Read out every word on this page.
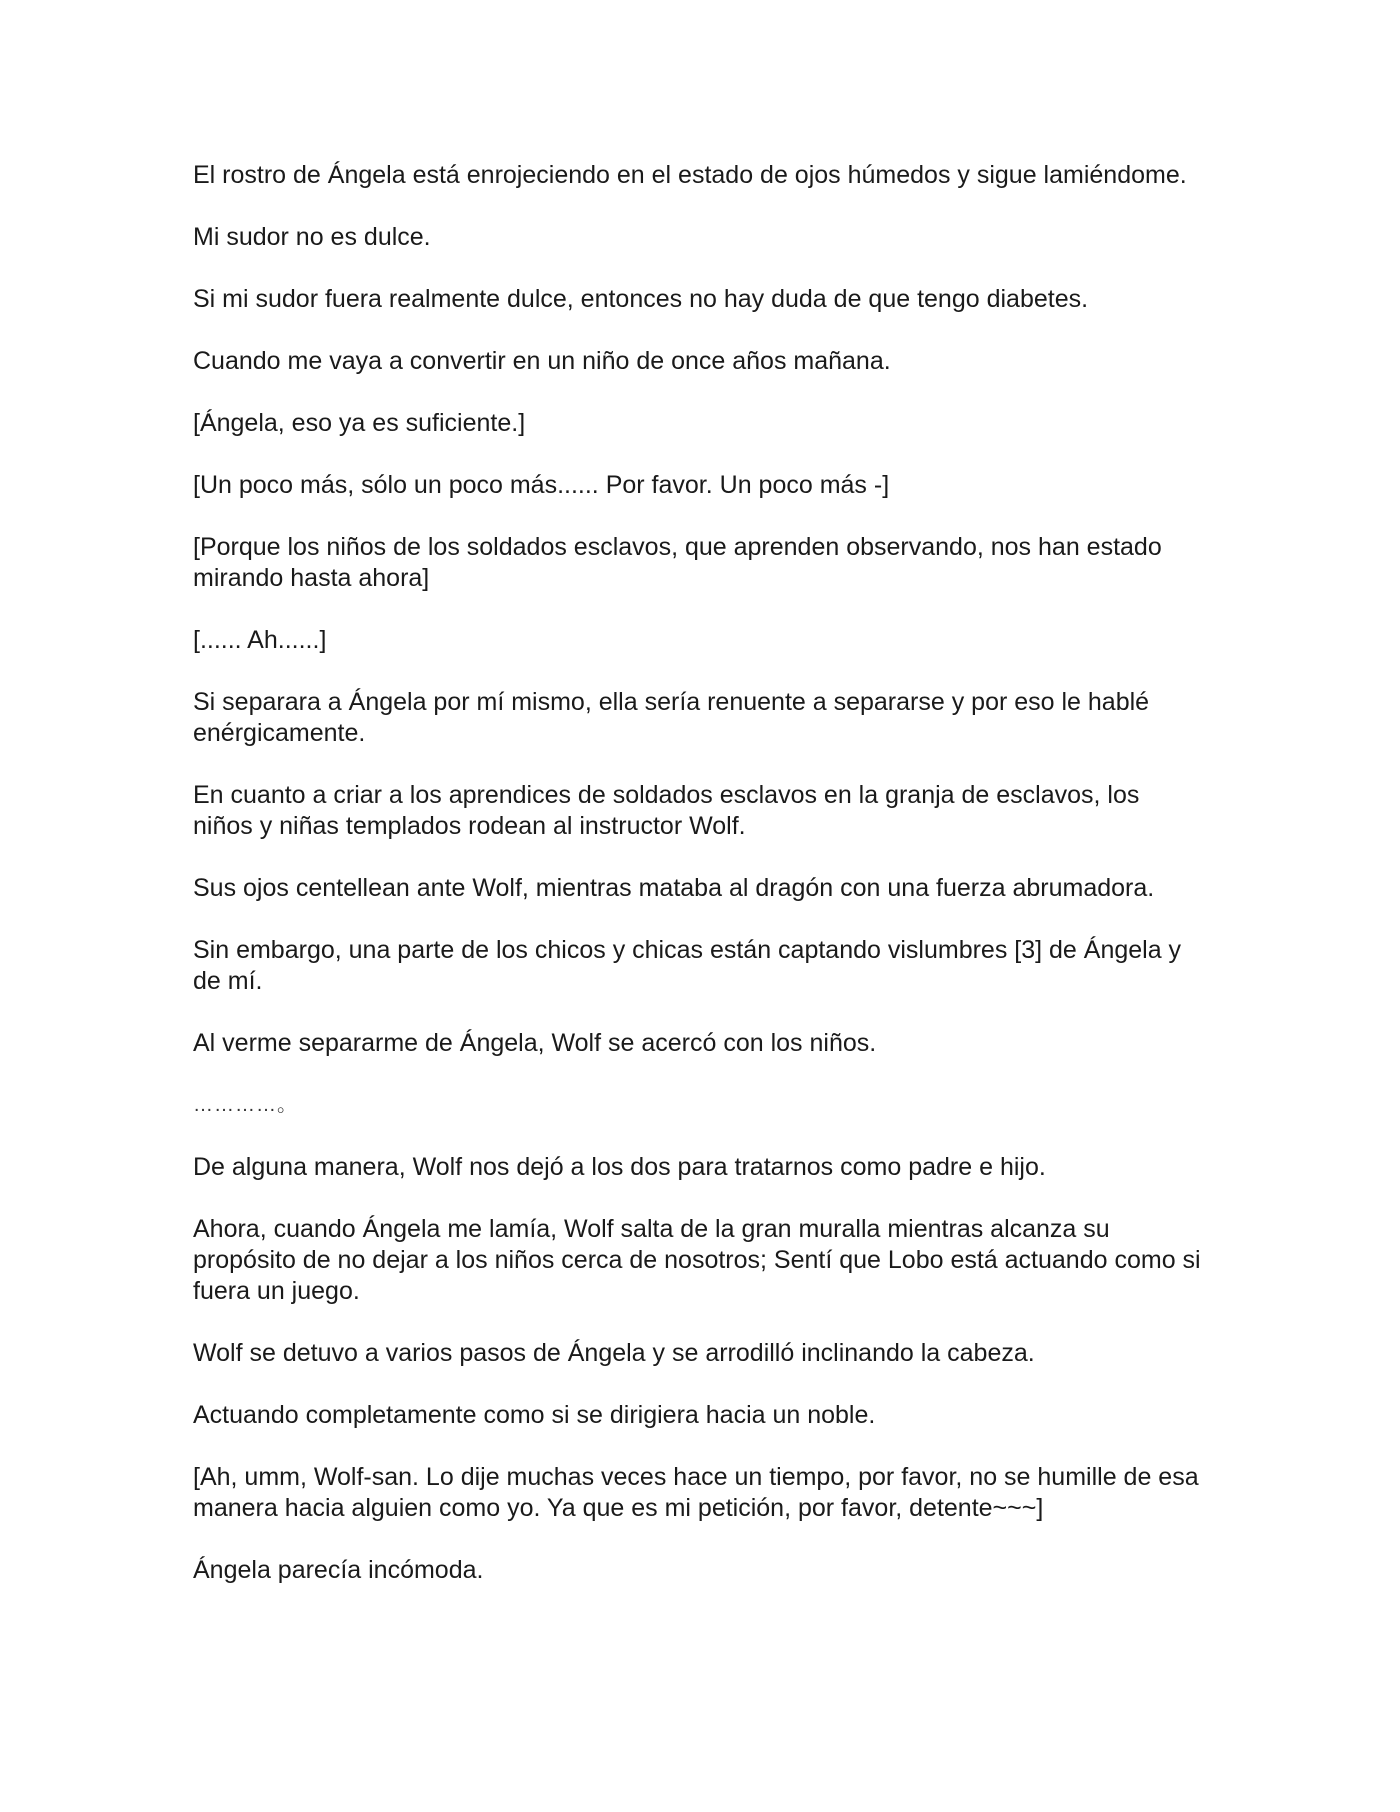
El rostro de Ángela está enrojeciendo en el estado de ojos húmedos y sigue lamiéndome.

Mi sudor no es dulce.

Si mi sudor fuera realmente dulce, entonces no hay duda de que tengo diabetes.

Cuando me vaya a convertir en un niño de once años mañana.

[Ángela, eso ya es suficiente.]

[Un poco más, sólo un poco más...... Por favor. Un poco más -]

[Porque los niños de los soldados esclavos, que aprenden observando, nos han estado mirando hasta ahora]

[...... Ah......]

Si separara a Ángela por mí mismo, ella sería renuente a separarse y por eso le hablé enérgicamente.

En cuanto a criar a los aprendices de soldados esclavos en la granja de esclavos, los niños y niñas templados rodean al instructor Wolf.

Sus ojos centellean ante Wolf, mientras mataba al dragón con una fuerza abrumadora.

Sin embargo, una parte de los chicos y chicas están captando vislumbres [3] de Ángela y de mí.

Al verme separarme de Ángela, Wolf se acercó con los niños.

…………。

De alguna manera, Wolf nos dejó a los dos para tratarnos como padre e hijo.

Ahora, cuando Ángela me lamía, Wolf salta de la gran muralla mientras alcanza su propósito de no dejar a los niños cerca de nosotros; Sentí que Lobo está actuando como si fuera un juego.

Wolf se detuvo a varios pasos de Ángela y se arrodilló inclinando la cabeza.

Actuando completamente como si se dirigiera hacia un noble.

[Ah, umm, Wolf-san. Lo dije muchas veces hace un tiempo, por favor, no se humille de esa manera hacia alguien como yo. Ya que es mi petición, por favor, detente~~~]

Ángela parecía incómoda.
